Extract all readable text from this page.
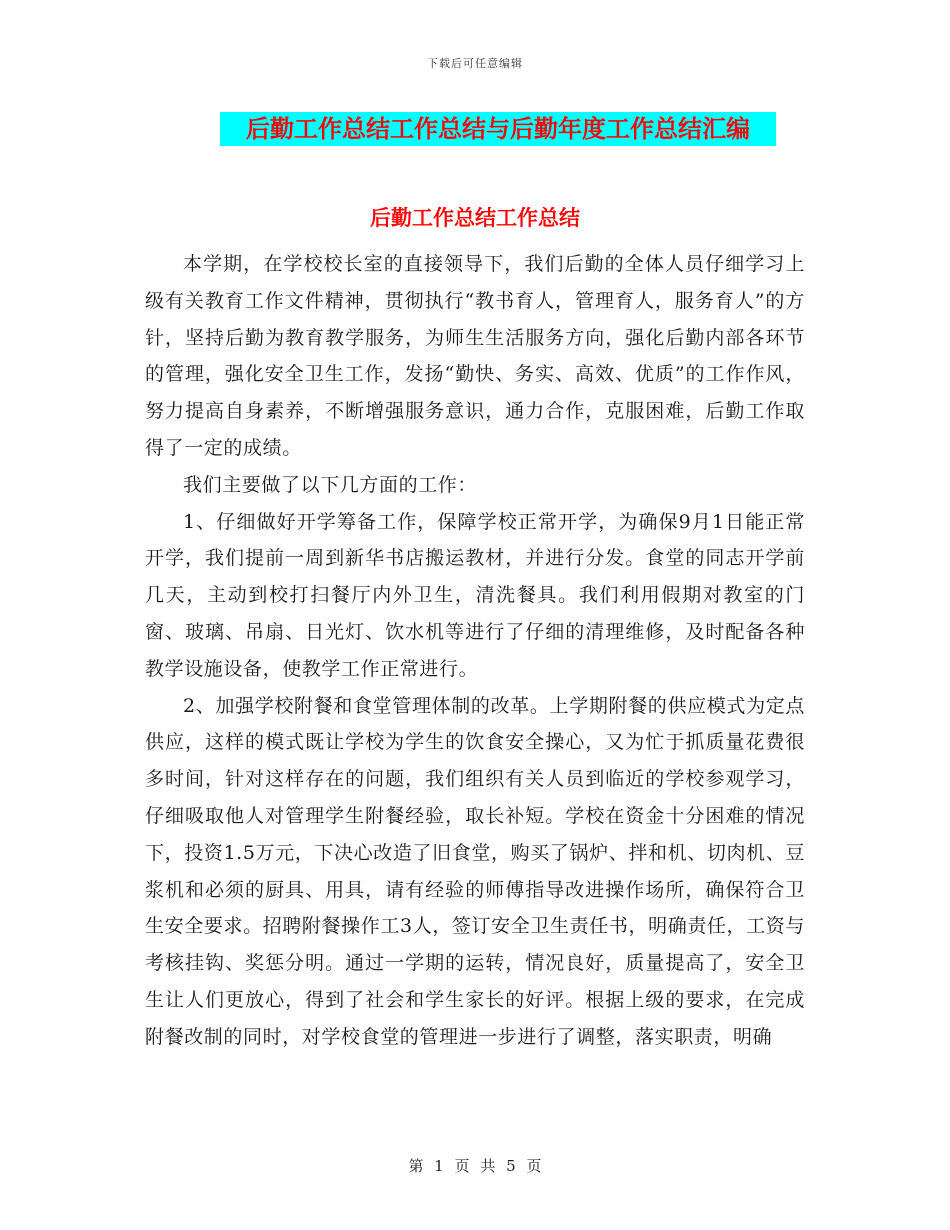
下载后可任意编辑
后勤工作总结工作总结与后勤年度工作总结汇编
后勤工作总结工作总结

本学期，在学校校长室的直接领导下，我们后勤的全体人员仔细学习上级有关教育工作文件精神，贯彻执行“教书育人，管理育人，服务育人”的方针，坚持后勤为教育教学服务，为师生生活服务方向，强化后勤内部各环节的管理，强化安全卫生工作，发扬“勤快、务实、高效、优质”的工作作风，努力提高自身素养，不断增强服务意识，通力合作，克服困难，后勤工作取得了一定的成绩。

我们主要做了以下几方面的工作：

1、仔细做好开学筹备工作，保障学校正常开学，为确保9月1日能正常开学，我们提前一周到新华书店搬运教材，并进行分发。食堂的同志开学前几天，主动到校打扫餐厅内外卫生，清洗餐具。我们利用假期对教室的门窗、玻璃、吊扇、日光灯、饮水机等进行了仔细的清理维修，及时配备各种教学设施设备，使教学工作正常进行。

2、加强学校附餐和食堂管理体制的改革。上学期附餐的供应模式为定点供应，这样的模式既让学校为学生的饮食安全操心，又为忙于抓质量花费很多时间，针对这样存在的问题，我们组织有关人员到临近的学校参观学习，仔细吸取他人对管理学生附餐经验，取长补短。学校在资金十分困难的情况下，投资1.5万元，下决心改造了旧食堂，购买了锅炉、拌和机、切肉机、豆浆机和必须的厨具、用具，请有经验的师傅指导改进操作场所，确保符合卫生安全要求。招聘附餐操作工3人，签订安全卫生责任书，明确责任，工资与考核挂钩、奖惩分明。通过一学期的运转，情况良好，质量提高了，安全卫生让人们更放心，得到了社会和学生家长的好评。根据上级的要求，在完成附餐改制的同时，对学校食堂的管理进一步进行了调整，落实职责，明确

第 1 页 共 5 页
